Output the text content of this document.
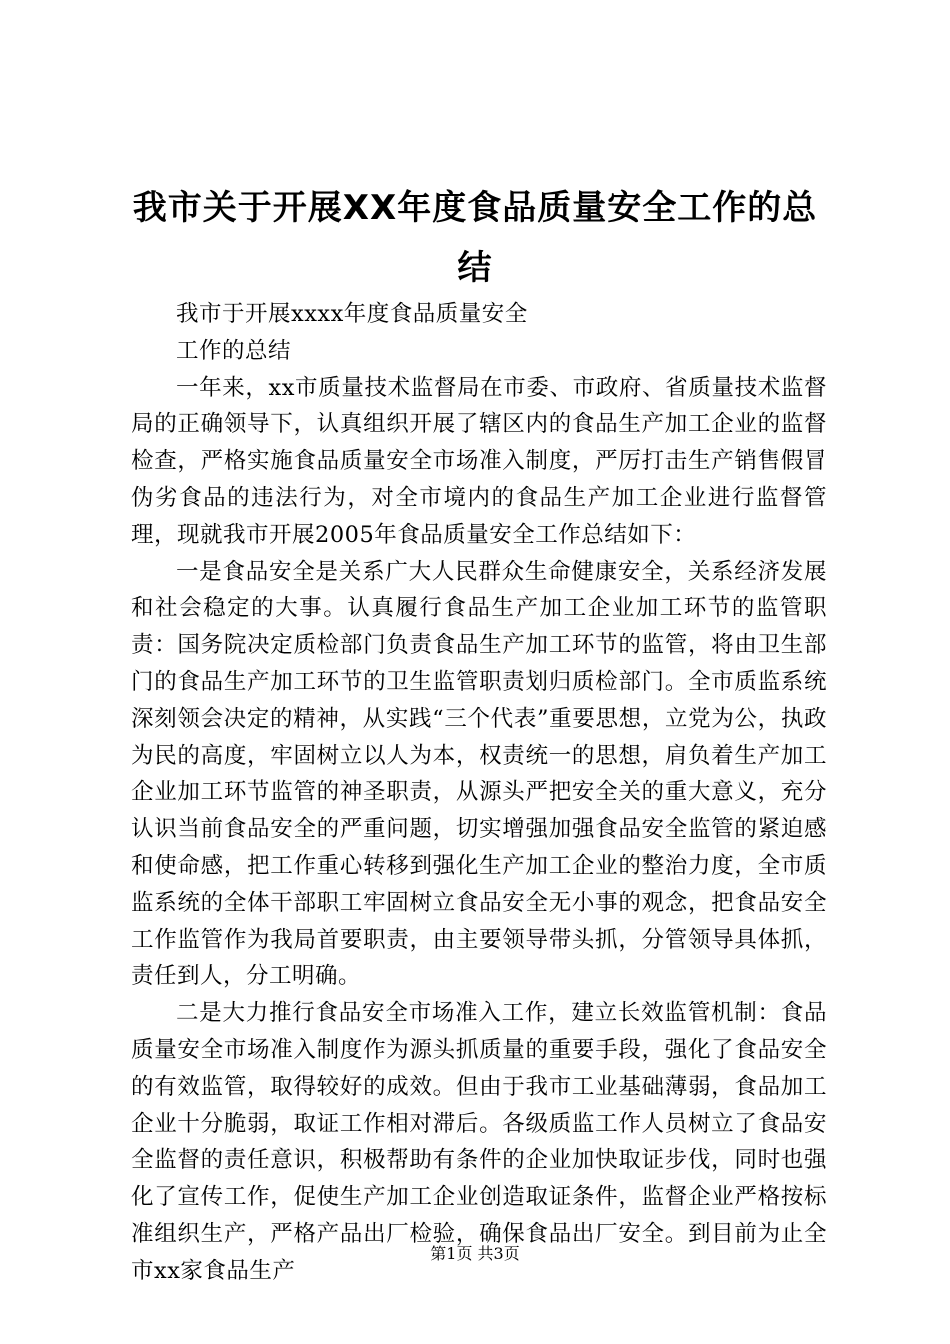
我市关于开展XX年度食品质量安全工作的总
结

我市于开展xxxx年度食品质量安全

工作的总结

一年来，xx市质量技术监督局在市委、市政府、省质量技术监督局的正确领导下，认真组织开展了辖区内的食品生产加工企业的监督检查，严格实施食品质量安全市场准入制度，严厉打击生产销售假冒伪劣食品的违法行为，对全市境内的食品生产加工企业进行监督管理，现就我市开展2005年食品质量安全工作总结如下：

一是食品安全是关系广大人民群众生命健康安全，关系经济发展和社会稳定的大事。认真履行食品生产加工企业加工环节的监管职责：国务院决定质检部门负责食品生产加工环节的监管，将由卫生部门的食品生产加工环节的卫生监管职责划归质检部门。全市质监系统深刻领会决定的精神，从实践“三个代表”重要思想，立党为公，执政为民的高度，牢固树立以人为本，权责统一的思想，肩负着生产加工企业加工环节监管的神圣职责，从源头严把安全关的重大意义，充分认识当前食品安全的严重问题，切实增强加强食品安全监管的紧迫感和使命感，把工作重心转移到强化生产加工企业的整治力度，全市质监系统的全体干部职工牢固树立食品安全无小事的观念，把食品安全工作监管作为我局首要职责，由主要领导带头抓，分管领导具体抓，责任到人，分工明确。

二是大力推行食品安全市场准入工作，建立长效监管机制：食品质量安全市场准入制度作为源头抓质量的重要手段，强化了食品安全的有效监管，取得较好的成效。但由于我市工业基础薄弱，食品加工企业十分脆弱，取证工作相对滞后。各级质监工作人员树立了食品安全监督的责任意识，积极帮助有条件的企业加快取证步伐，同时也强化了宣传工作，促使生产加工企业创造取证条件，监督企业严格按标准组织生产，严格产品出厂检验，确保食品出厂安全。到目前为止全市xx家食品生产

第1页 共3页
